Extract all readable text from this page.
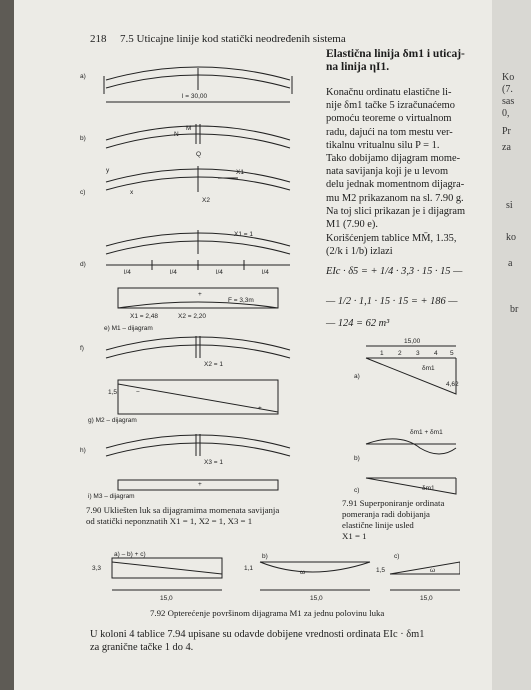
218 7.5 Uticajne linije kod statički neodređenih sistema
Elastična linija δm1 i uticaj-
na linija ηI1.
Konačnu ordinatu elastične li-
nije δm1 tačke 5 izračunaćemo
pomoću teoreme o virtualnom
radu, dajući na tom mestu ver-
tikalnu vritualnu silu P = 1.
Tako dobijamo dijagram mome-
nata savijanja koji je u levom
delu jednak momentnom dijagra-
mu M2 prikazanom na sl. 7.90 g.
Na toj slici prikazan je i dijagram
M1 (7.90 e).
Korišćenjem tablice MM̄, 1.35,
(2/k i 1/b) izlazi
EIc · δ5 = + 1/4 · 3,3 · 15 · 15 —
— 1/2 · 1,1 · 15 · 15 = + 186 —
— 124 = 62 m³
a)
l = 30,00
b)
N
M
Q
c)
X1
X2
x
y
X1 = 1
d)
l/4	l/4	l/4	l/4
+
F = 3,3m
X1 = 2,48	X2 = 2,20
e) M1 – dijagram
f)
X2 = 1
1,5	−
+
g) M2 – dijagram
h)
X3 = 1
+
i) M3 – dijagram
15,00
1 2 3 4 5
a)
δm1
4,62
b)
δm1 + δm1
c)	δm1
7.90 Ukliešten luk sa dijagramima momenata savijanja
od statički neponznatih X1 = 1, X2 = 1, X3 = 1
7.91 Superponiranje ordinata
pomeranja radi dobijanja
elastične linije usled
X1 = 1
a) – b) + c)
3,3	1,1
b)	c)
1,5
ω	ω
15,0	15,0	15,0
7.92 Opterećenje površinom dijagrama M1 za jednu polovinu luka
U koloni 4 tablice 7.94 upisane su odavde dobijene vrednosti ordinata EIc · δm1
za granične tačke 1 do 4.
Ko
(7.
sas
0,
Pr
za
si
ko
a
br
